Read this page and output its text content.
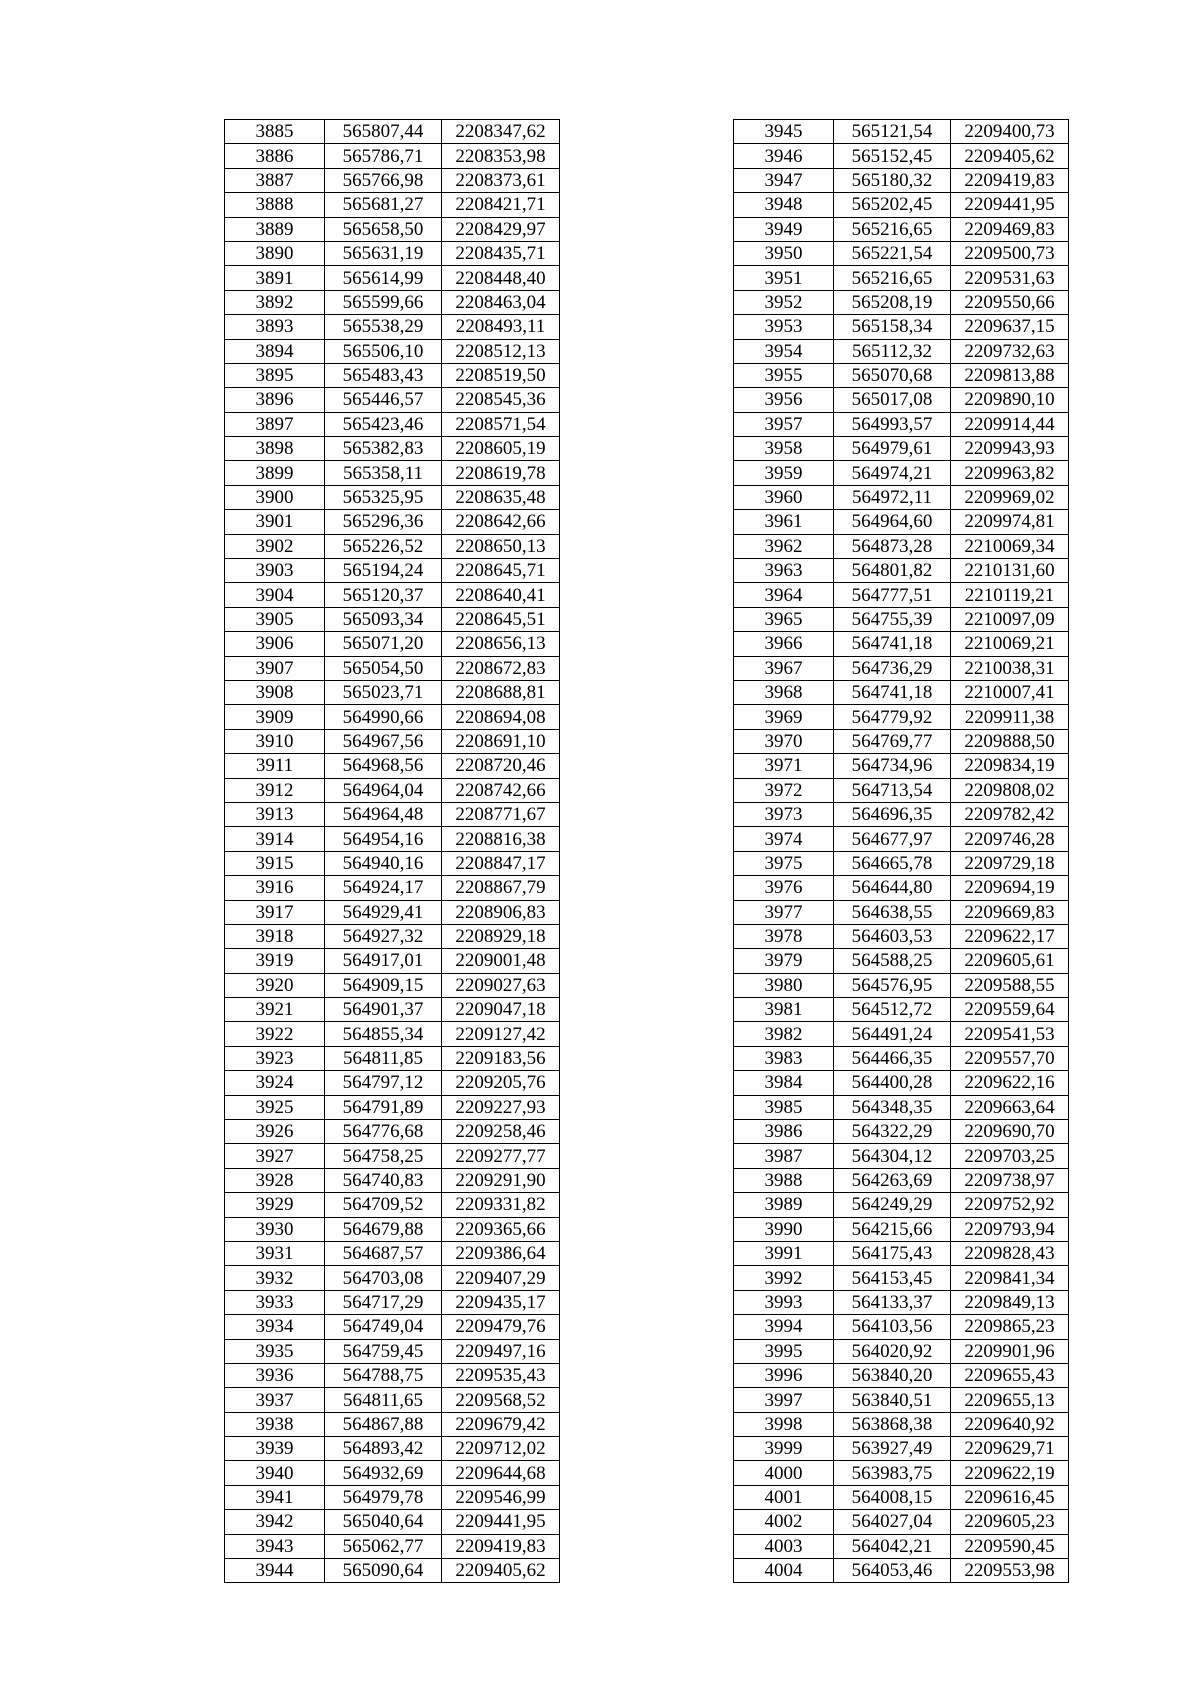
3885	565807,44	2208347,62
3886	565786,71	2208353,98
3887	565766,98	2208373,61
3888	565681,27	2208421,71
3889	565658,50	2208429,97
3890	565631,19	2208435,71
3891	565614,99	2208448,40
3892	565599,66	2208463,04
3893	565538,29	2208493,11
3894	565506,10	2208512,13
3895	565483,43	2208519,50
3896	565446,57	2208545,36
3897	565423,46	2208571,54
3898	565382,83	2208605,19
3899	565358,11	2208619,78
3900	565325,95	2208635,48
3901	565296,36	2208642,66
3902	565226,52	2208650,13
3903	565194,24	2208645,71
3904	565120,37	2208640,41
3905	565093,34	2208645,51
3906	565071,20	2208656,13
3907	565054,50	2208672,83
3908	565023,71	2208688,81
3909	564990,66	2208694,08
3910	564967,56	2208691,10
3911	564968,56	2208720,46
3912	564964,04	2208742,66
3913	564964,48	2208771,67
3914	564954,16	2208816,38
3915	564940,16	2208847,17
3916	564924,17	2208867,79
3917	564929,41	2208906,83
3918	564927,32	2208929,18
3919	564917,01	2209001,48
3920	564909,15	2209027,63
3921	564901,37	2209047,18
3922	564855,34	2209127,42
3923	564811,85	2209183,56
3924	564797,12	2209205,76
3925	564791,89	2209227,93
3926	564776,68	2209258,46
3927	564758,25	2209277,77
3928	564740,83	2209291,90
3929	564709,52	2209331,82
3930	564679,88	2209365,66
3931	564687,57	2209386,64
3932	564703,08	2209407,29
3933	564717,29	2209435,17
3934	564749,04	2209479,76
3935	564759,45	2209497,16
3936	564788,75	2209535,43
3937	564811,65	2209568,52
3938	564867,88	2209679,42
3939	564893,42	2209712,02
3940	564932,69	2209644,68
3941	564979,78	2209546,99
3942	565040,64	2209441,95
3943	565062,77	2209419,83
3944	565090,64	2209405,62
3945	565121,54	2209400,73
3946	565152,45	2209405,62
3947	565180,32	2209419,83
3948	565202,45	2209441,95
3949	565216,65	2209469,83
3950	565221,54	2209500,73
3951	565216,65	2209531,63
3952	565208,19	2209550,66
3953	565158,34	2209637,15
3954	565112,32	2209732,63
3955	565070,68	2209813,88
3956	565017,08	2209890,10
3957	564993,57	2209914,44
3958	564979,61	2209943,93
3959	564974,21	2209963,82
3960	564972,11	2209969,02
3961	564964,60	2209974,81
3962	564873,28	2210069,34
3963	564801,82	2210131,60
3964	564777,51	2210119,21
3965	564755,39	2210097,09
3966	564741,18	2210069,21
3967	564736,29	2210038,31
3968	564741,18	2210007,41
3969	564779,92	2209911,38
3970	564769,77	2209888,50
3971	564734,96	2209834,19
3972	564713,54	2209808,02
3973	564696,35	2209782,42
3974	564677,97	2209746,28
3975	564665,78	2209729,18
3976	564644,80	2209694,19
3977	564638,55	2209669,83
3978	564603,53	2209622,17
3979	564588,25	2209605,61
3980	564576,95	2209588,55
3981	564512,72	2209559,64
3982	564491,24	2209541,53
3983	564466,35	2209557,70
3984	564400,28	2209622,16
3985	564348,35	2209663,64
3986	564322,29	2209690,70
3987	564304,12	2209703,25
3988	564263,69	2209738,97
3989	564249,29	2209752,92
3990	564215,66	2209793,94
3991	564175,43	2209828,43
3992	564153,45	2209841,34
3993	564133,37	2209849,13
3994	564103,56	2209865,23
3995	564020,92	2209901,96
3996	563840,20	2209655,43
3997	563840,51	2209655,13
3998	563868,38	2209640,92
3999	563927,49	2209629,71
4000	563983,75	2209622,19
4001	564008,15	2209616,45
4002	564027,04	2209605,23
4003	564042,21	2209590,45
4004	564053,46	2209553,98
